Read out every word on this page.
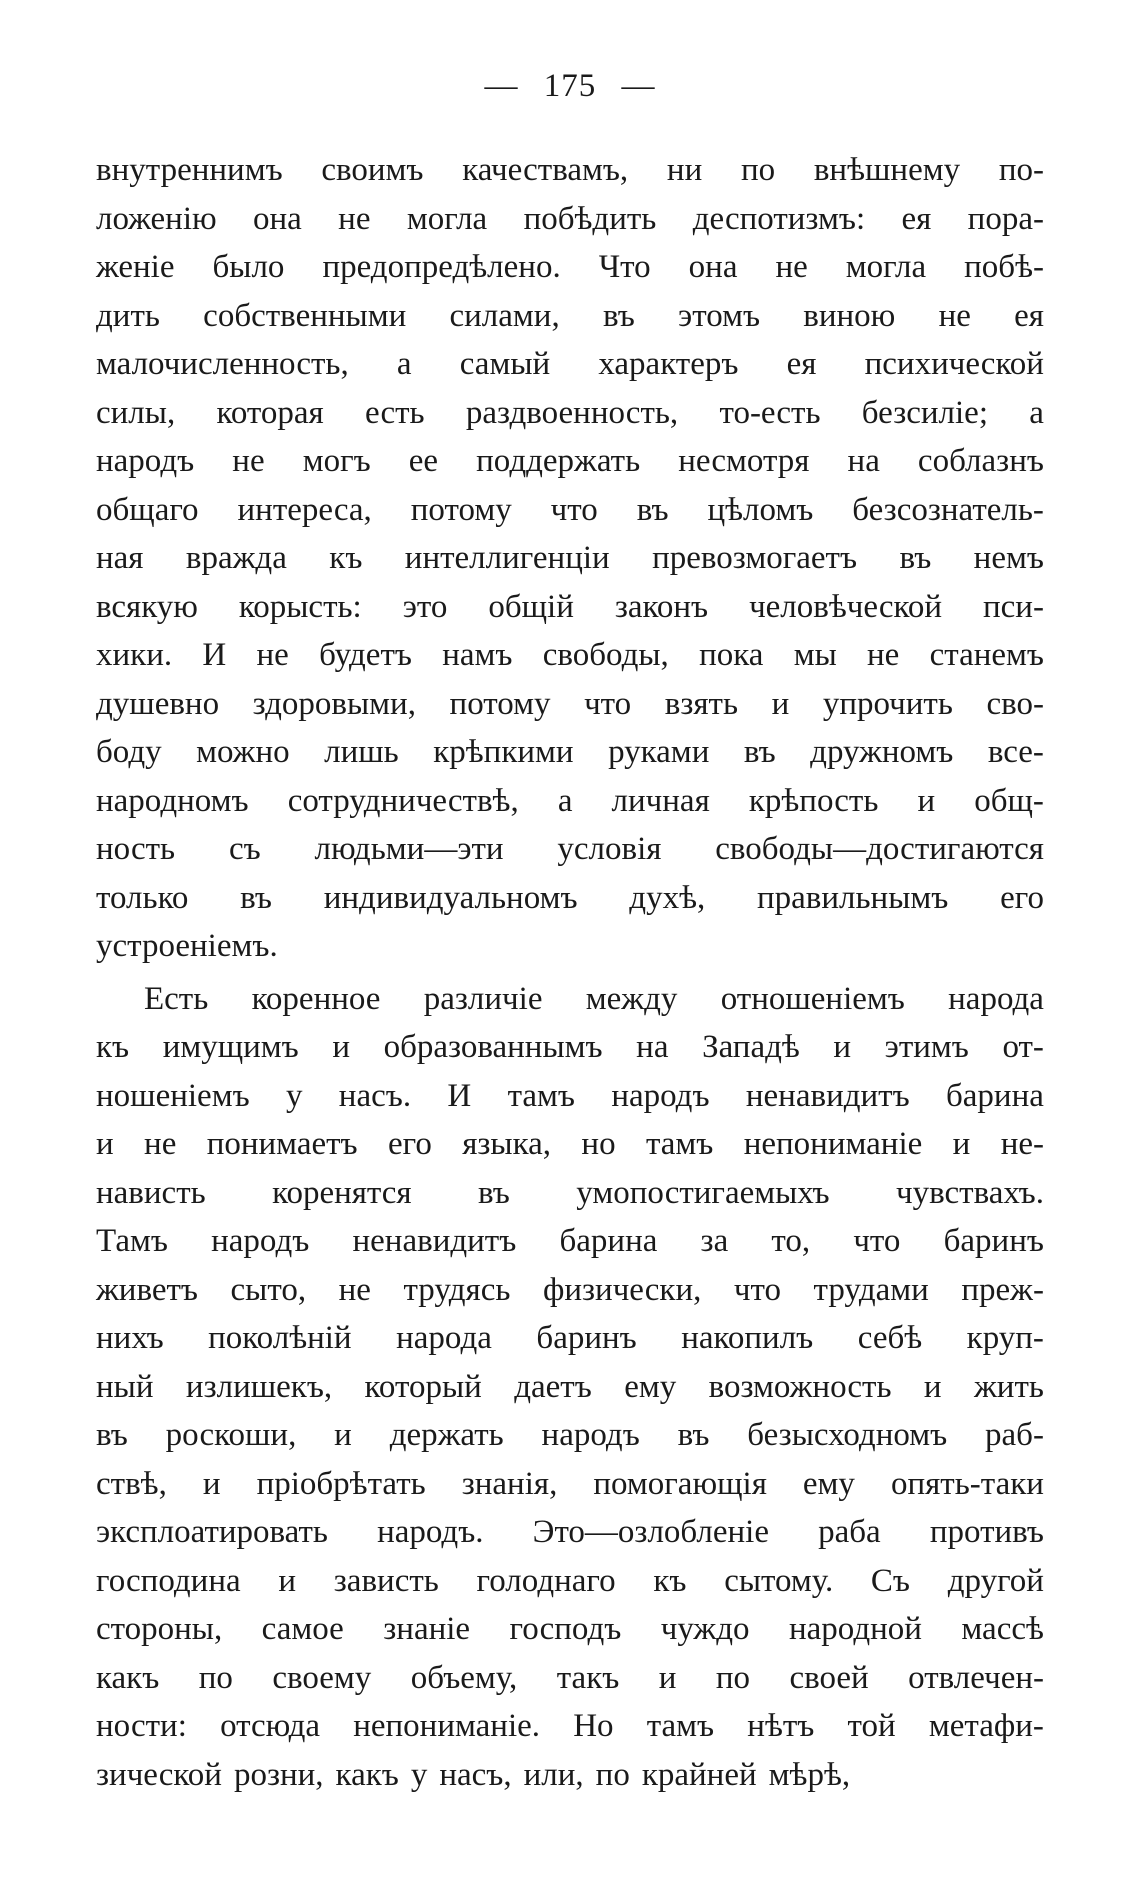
— 175 —
внутреннимъ своимъ качествамъ, ни по внѣшнему по-
ложенію она не могла побѣдить деспотизмъ: ея пора-
женіе было предопредѣлено. Что она не могла побѣ-
дить собственными силами, въ этомъ виною не ея
малочисленность, а самый характеръ ея психической
силы, которая есть раздвоенность, то-есть безсиліе; а
народъ не могъ ее поддержать несмотря на соблазнъ
общаго интереса, потому что въ цѣломъ безсознатель-
ная вражда къ интеллигенціи превозмогаетъ въ немъ
всякую корысть: это общій законъ человѣческой пси-
хики. И не будетъ намъ свободы, пока мы не станемъ
душевно здоровыми, потому что взять и упрочить сво-
боду можно лишь крѣпкими руками въ дружномъ все-
народномъ сотрудничествѣ, а личная крѣпость и общ-
ность съ людьми—эти условія свободы—достигаются
только въ индивидуальномъ духѣ, правильнымъ его
устроеніемъ.
Есть коренное различіе между отношеніемъ народа
къ имущимъ и образованнымъ на Западѣ и этимъ от-
ношеніемъ у насъ. И тамъ народъ ненавидитъ барина
и не понимаетъ его языка, но тамъ непониманіе и не-
нависть коренятся въ умопостигаемыхъ чувствахъ.
Тамъ народъ ненавидитъ барина за то, что баринъ
живетъ сыто, не трудясь физически, что трудами преж-
нихъ поколѣній народа баринъ накопилъ себѣ круп-
ный излишекъ, который даетъ ему возможность и жить
въ роскоши, и держать народъ въ безысходномъ раб-
ствѣ, и пріобрѣтать знанія, помогающія ему опять-таки
эксплоатировать народъ. Это—озлобленіе раба противъ
господина и зависть голоднаго къ сытому. Съ другой
стороны, самое знаніе господъ чуждо народной массѣ
какъ по своему объему, такъ и по своей отвлечен-
ности: отсюда непониманіе. Но тамъ нѣтъ той метафи-
зической розни, какъ у насъ, или, по крайней мѣрѣ,
